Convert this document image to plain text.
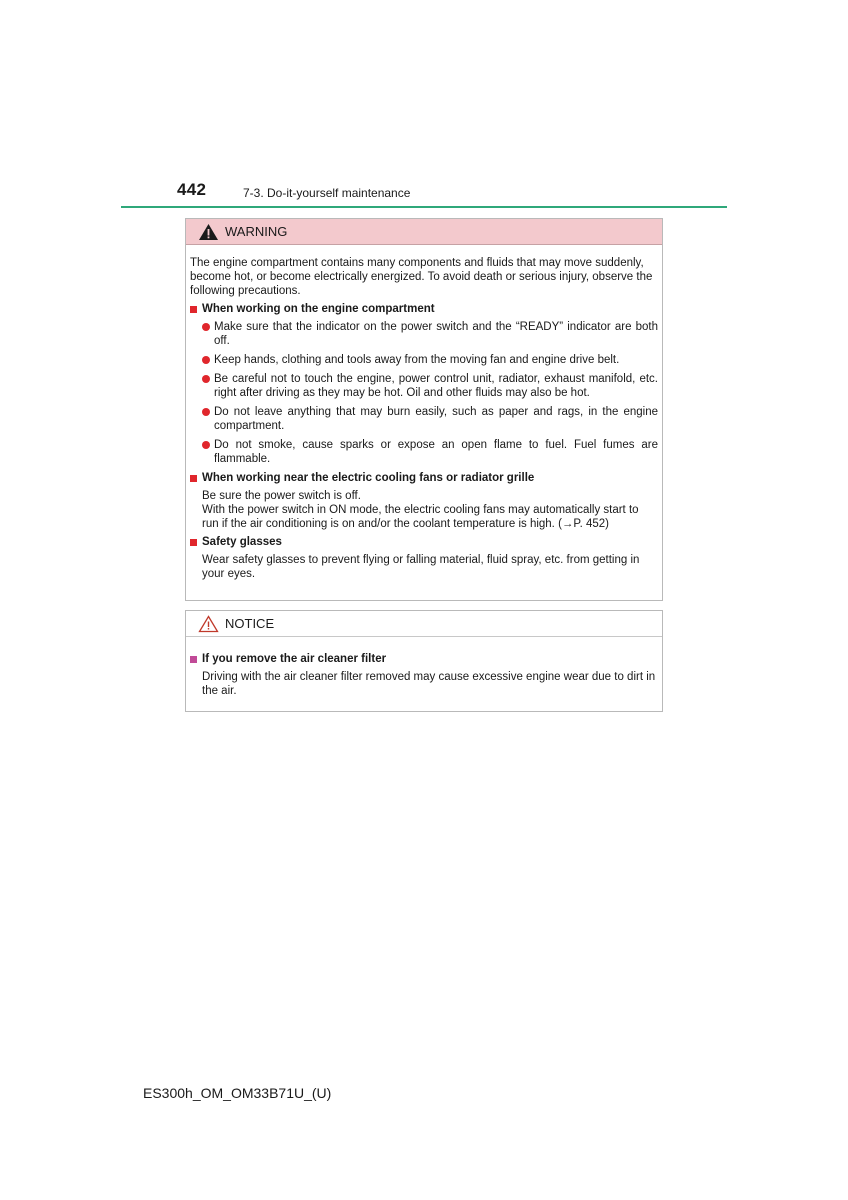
442	7-3. Do-it-yourself maintenance
WARNING

The engine compartment contains many components and fluids that may move suddenly, become hot, or become electrically energized. To avoid death or serious injury, observe the following precautions.

When working on the engine compartment
Make sure that the indicator on the power switch and the “READY” indicator are both off.
Keep hands, clothing and tools away from the moving fan and engine drive belt.
Be careful not to touch the engine, power control unit, radiator, exhaust manifold, etc. right after driving as they may be hot. Oil and other fluids may also be hot.
Do not leave anything that may burn easily, such as paper and rags, in the engine compartment.
Do not smoke, cause sparks or expose an open flame to fuel. Fuel fumes are flammable.
When working near the electric cooling fans or radiator grille
Be sure the power switch is off.
With the power switch in ON mode, the electric cooling fans may automatically start to run if the air conditioning is on and/or the coolant temperature is high. (→P. 452)
Safety glasses
Wear safety glasses to prevent flying or falling material, fluid spray, etc. from getting in your eyes.
NOTICE
If you remove the air cleaner filter
Driving with the air cleaner filter removed may cause excessive engine wear due to dirt in the air.
ES300h_OM_OM33B71U_(U)
